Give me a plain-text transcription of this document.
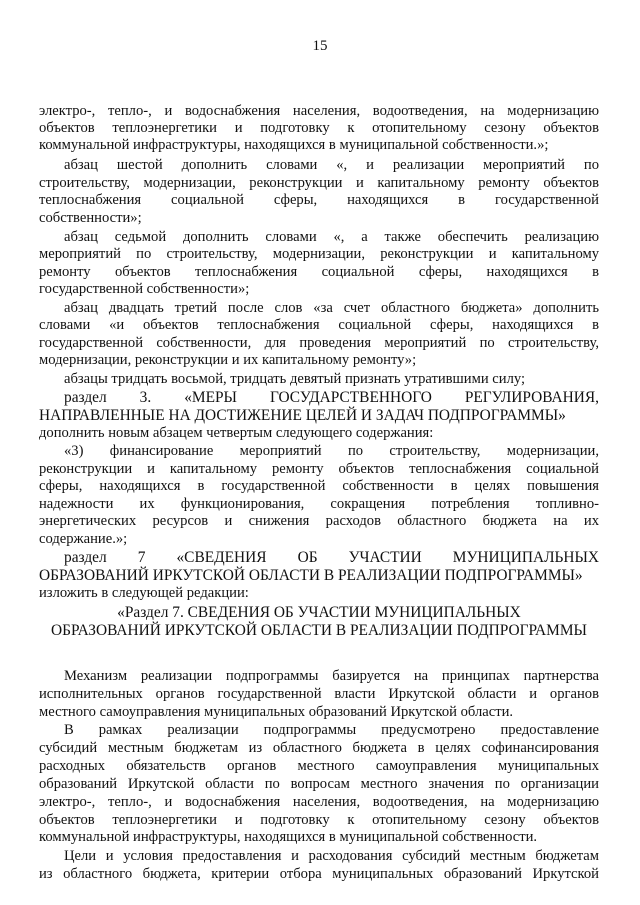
15
электро-, тепло-, и водоснабжения населения, водоотведения, на модернизацию
объектов теплоэнергетики и подготовку к отопительному сезону объектов
коммунальной инфраструктуры, находящихся в муниципальной собственности.»;
абзац шестой дополнить словами «, и реализации мероприятий по
строительству, модернизации, реконструкции и капитальному ремонту объектов
теплоснабжения социальной сферы, находящихся в государственной
собственности»;
абзац седьмой дополнить словами «, а также обеспечить реализацию
мероприятий по строительству, модернизации, реконструкции и капитальному
ремонту объектов теплоснабжения социальной сферы, находящихся в
государственной собственности»;
абзац двадцать третий после слов «за счет областного бюджета» дополнить
словами «и объектов теплоснабжения социальной сферы, находящихся в
государственной собственности, для проведения мероприятий по строительству,
модернизации, реконструкции и их капитальному ремонту»;
абзацы тридцать восьмой, тридцать девятый признать утратившими силу;
раздел 3. «МЕРЫ ГОСУДАРСТВЕННОГО РЕГУЛИРОВАНИЯ,
НАПРАВЛЕННЫЕ НА ДОСТИЖЕНИЕ ЦЕЛЕЙ И ЗАДАЧ ПОДПРОГРАММЫ»
дополнить новым абзацем четвертым следующего содержания:
«3) финансирование мероприятий по строительству, модернизации,
реконструкции и капитальному ремонту объектов теплоснабжения социальной
сферы, находящихся в государственной собственности в целях повышения
надежности их функционирования, сокращения потребления топливно-
энергетических ресурсов и снижения расходов областного бюджета на их
содержание.»;
раздел 7 «СВЕДЕНИЯ ОБ УЧАСТИИ МУНИЦИПАЛЬНЫХ
ОБРАЗОВАНИЙ ИРКУТСКОЙ ОБЛАСТИ В РЕАЛИЗАЦИИ ПОДПРОГРАММЫ»
изложить в следующей редакции:
«Раздел 7. СВЕДЕНИЯ ОБ УЧАСТИИ МУНИЦИПАЛЬНЫХ
ОБРАЗОВАНИЙ ИРКУТСКОЙ ОБЛАСТИ В РЕАЛИЗАЦИИ ПОДПРОГРАММЫ
Механизм реализации подпрограммы базируется на принципах партнерства
исполнительных органов государственной власти Иркутской области и органов
местного самоуправления муниципальных образований Иркутской области.
В рамках реализации подпрограммы предусмотрено предоставление
субсидий местным бюджетам из областного бюджета в целях софинансирования
расходных обязательств органов местного самоуправления муниципальных
образований Иркутской области по вопросам местного значения по организации
электро-, тепло-, и водоснабжения населения, водоотведения, на модернизацию
объектов теплоэнергетики и подготовку к отопительному сезону объектов
коммунальной инфраструктуры, находящихся в муниципальной собственности.
Цели и условия предоставления и расходования субсидий местным бюджетам
из областного бюджета, критерии отбора муниципальных образований Иркутской
